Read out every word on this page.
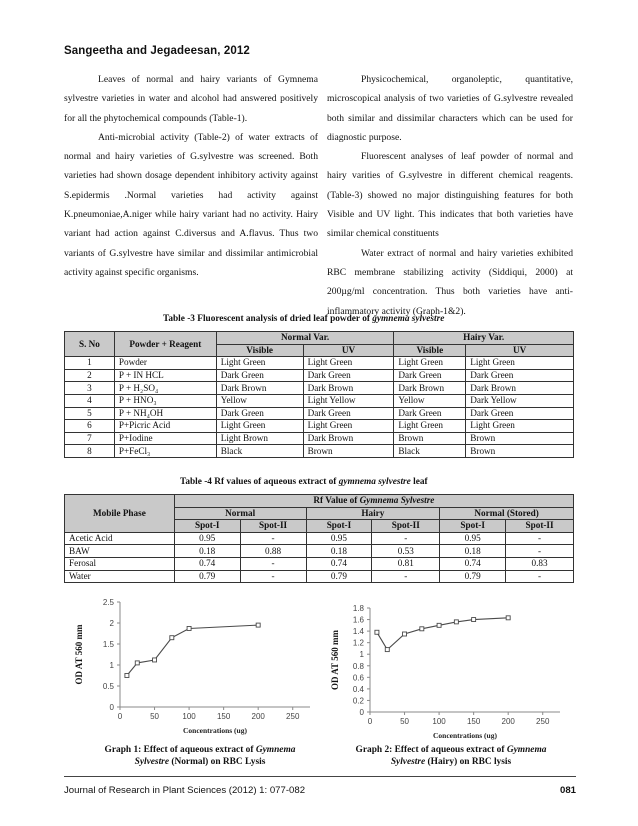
Sangeetha and Jegadeesan, 2012

Leaves of normal and hairy variants of Gymnema sylvestre varieties in water and alcohol had answered positively for all the phytochemical compounds (Table-1).

Anti-microbial activity (Table-2) of water extracts of normal and hairy varieties of G.sylvestre was screened. Both varieties had shown dosage dependent inhibitory activity against S.epidermis .Normal varieties had activity against K.pneumoniae,A.niger while hairy variant had no activity. Hairy variant had action against C.diversus and A.flavus. Thus two variants of G.sylvestre have similar and dissimilar antimicrobial activity against specific organisms.

Physicochemical, organoleptic, quantitative, microscopical analysis of two varieties of G.sylvestre revealed both similar and dissimilar characters which can be used for diagnostic purpose.

Fluorescent analyses of leaf powder of normal and hairy varities of G.sylvestre in different chemical reagents. (Table-3) showed no major distinguishing features for both Visible and UV light. This indicates that both varieties have similar chemical constituents

Water extract of normal and hairy varieties exhibited RBC membrane stabilizing activity (Siddiqui, 2000) at 200µg/ml concentration. Thus both varieties have anti-inflammatory activity (Graph-1&2).

Table -3 Fluorescent analysis of dried leaf powder of gymnema sylvestre
S. No	Powder + Reagent	Normal Var.		Hairy Var.	
		Visible	UV	Visible	UV
1	Powder	Light Green	Light Green	Light Green	Light Green
2	P + IN HCL	Dark Green	Dark Green	Dark Green	Dark Green
3	P + H₂SO₄	Dark Brown	Dark Brown	Dark Brown	Dark Brown
4	P + HNO₃	Yellow	Light Yellow	Yellow	Dark Yellow
5	P + NH₄OH	Dark Green	Dark Green	Dark Green	Dark Green
6	P+Picric Acid	Light Green	Light Green	Light Green	Light Green
7	P+Iodine	Light Brown	Dark Brown	Brown	Brown
8	P+FeCl₃	Black	Brown	Black	Brown
Table -4 Rf values of aqueous extract of gymnema sylvestre leaf
Mobile Phase	Rf Value of Gymnema Sylvestre					
	Normal		Hairy		Normal (Stored)	
	Spot-I	Spot-II	Spot-I	Spot-II	Spot-I	Spot-II
Acetic Acid	0.95	-	0.95	-	0.95	-
BAW	0.18	0.88	0.18	0.53	0.18	-
Ferosal	0.74	-	0.74	0.81	0.74	0.83
Water	0.79	-	0.79	-	0.79	-
0
0.5
1
1.5
2
2.5
0	50	100	150	200	250
Concentrations (ug)
OD AT 560 mm
Graph 1: Effect of aqueous extract of Gymnema
Sylvestre (Normal) on RBC Lysis
0
0.2
0.4
0.6
0.8
1
1.2
1.4
1.6
1.8
0	50	100	150	200	250
Concentrations (ug)
OD AT 560 mm
Graph 2: Effect of aqueous extract of Gymnema
Sylvestre (Hairy) on RBC lysis
Journal of Research in Plant Sciences (2012) 1: 077-082	081
